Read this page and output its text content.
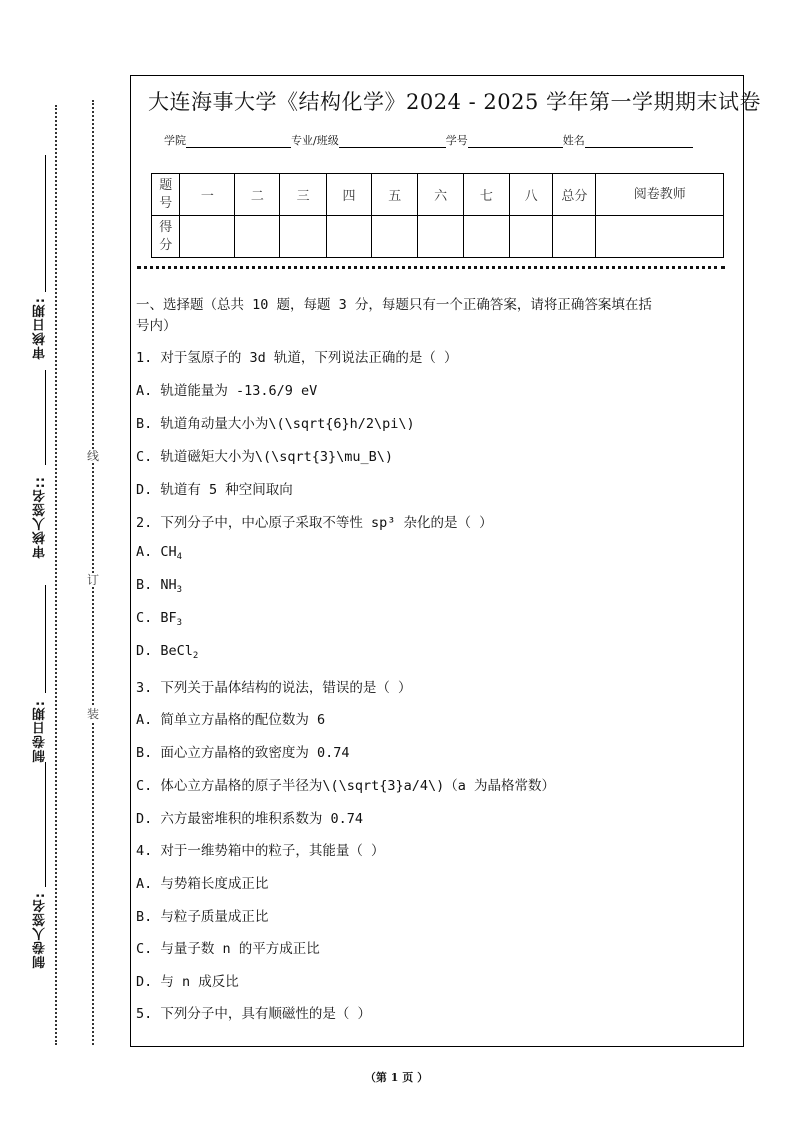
审核日期:
审核人签名::
制卷日期:
制卷人签名:
线
订
装
大连海事大学《结构化学》2024 - 2025 学年第一学期期末试卷
学院	专业/班级	学号	姓名
题号	一	二	三	四	五	六	七	八	总分	阅卷教师
得分										
一、选择题（总共 10 题，每题 3 分，每题只有一个正确答案，请将正确答案填在括
号内）
1. 对于氢原子的 3d 轨道，下列说法正确的是（ ）
A. 轨道能量为 -13.6/9 eV
B. 轨道角动量大小为\(\sqrt{6}h/2\pi\)
C. 轨道磁矩大小为\(\sqrt{3}\mu_B\)
D. 轨道有 5 种空间取向
2. 下列分子中，中心原子采取不等性 sp³ 杂化的是（ ）
A. $CH_4$
B. $NH_3$
C. $BF_3$
D. BeCl$_2$
3. 下列关于晶体结构的说法，错误的是（ ）
A. 简单立方晶格的配位数为 6
B. 面心立方晶格的致密度为 0.74
C. 体心立方晶格的原子半径为\(\sqrt{3}a/4\)（a 为晶格常数）
D. 六方最密堆积的堆积系数为 0.74
4. 对于一维势箱中的粒子，其能量（ ）
A. 与势箱长度成正比
B. 与粒子质量成正比
C. 与量子数 n 的平方成正比
D. 与 n 成反比
5. 下列分子中，具有顺磁性的是（ ）
（第 1 页 ）
